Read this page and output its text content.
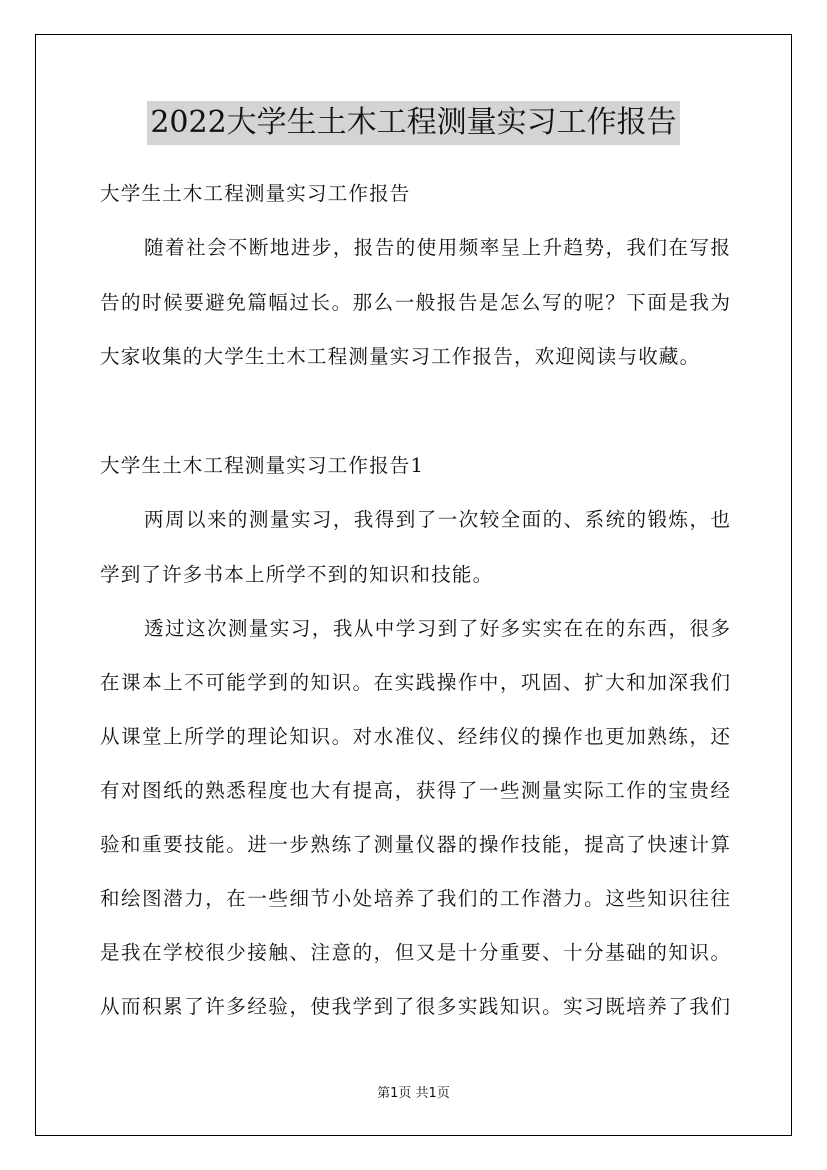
2022大学生土木工程测量实习工作报告
大学生土木工程测量实习工作报告
随着社会不断地进步，报告的使用频率呈上升趋势，我们在写报
告的时候要避免篇幅过长。那么一般报告是怎么写的呢？下面是我为
大家收集的大学生土木工程测量实习工作报告，欢迎阅读与收藏。
大学生土木工程测量实习工作报告1
两周以来的测量实习，我得到了一次较全面的、系统的锻炼，也
学到了许多书本上所学不到的知识和技能。
透过这次测量实习，我从中学习到了好多实实在在的东西，很多
在课本上不可能学到的知识。在实践操作中，巩固、扩大和加深我们
从课堂上所学的理论知识。对水准仪、经纬仪的操作也更加熟练，还
有对图纸的熟悉程度也大有提高，获得了一些测量实际工作的宝贵经
验和重要技能。进一步熟练了测量仪器的操作技能，提高了快速计算
和绘图潜力，在一些细节小处培养了我们的工作潜力。这些知识往往
是我在学校很少接触、注意的，但又是十分重要、十分基础的知识。
从而积累了许多经验，使我学到了很多实践知识。实习既培养了我们
第1页 共1页
